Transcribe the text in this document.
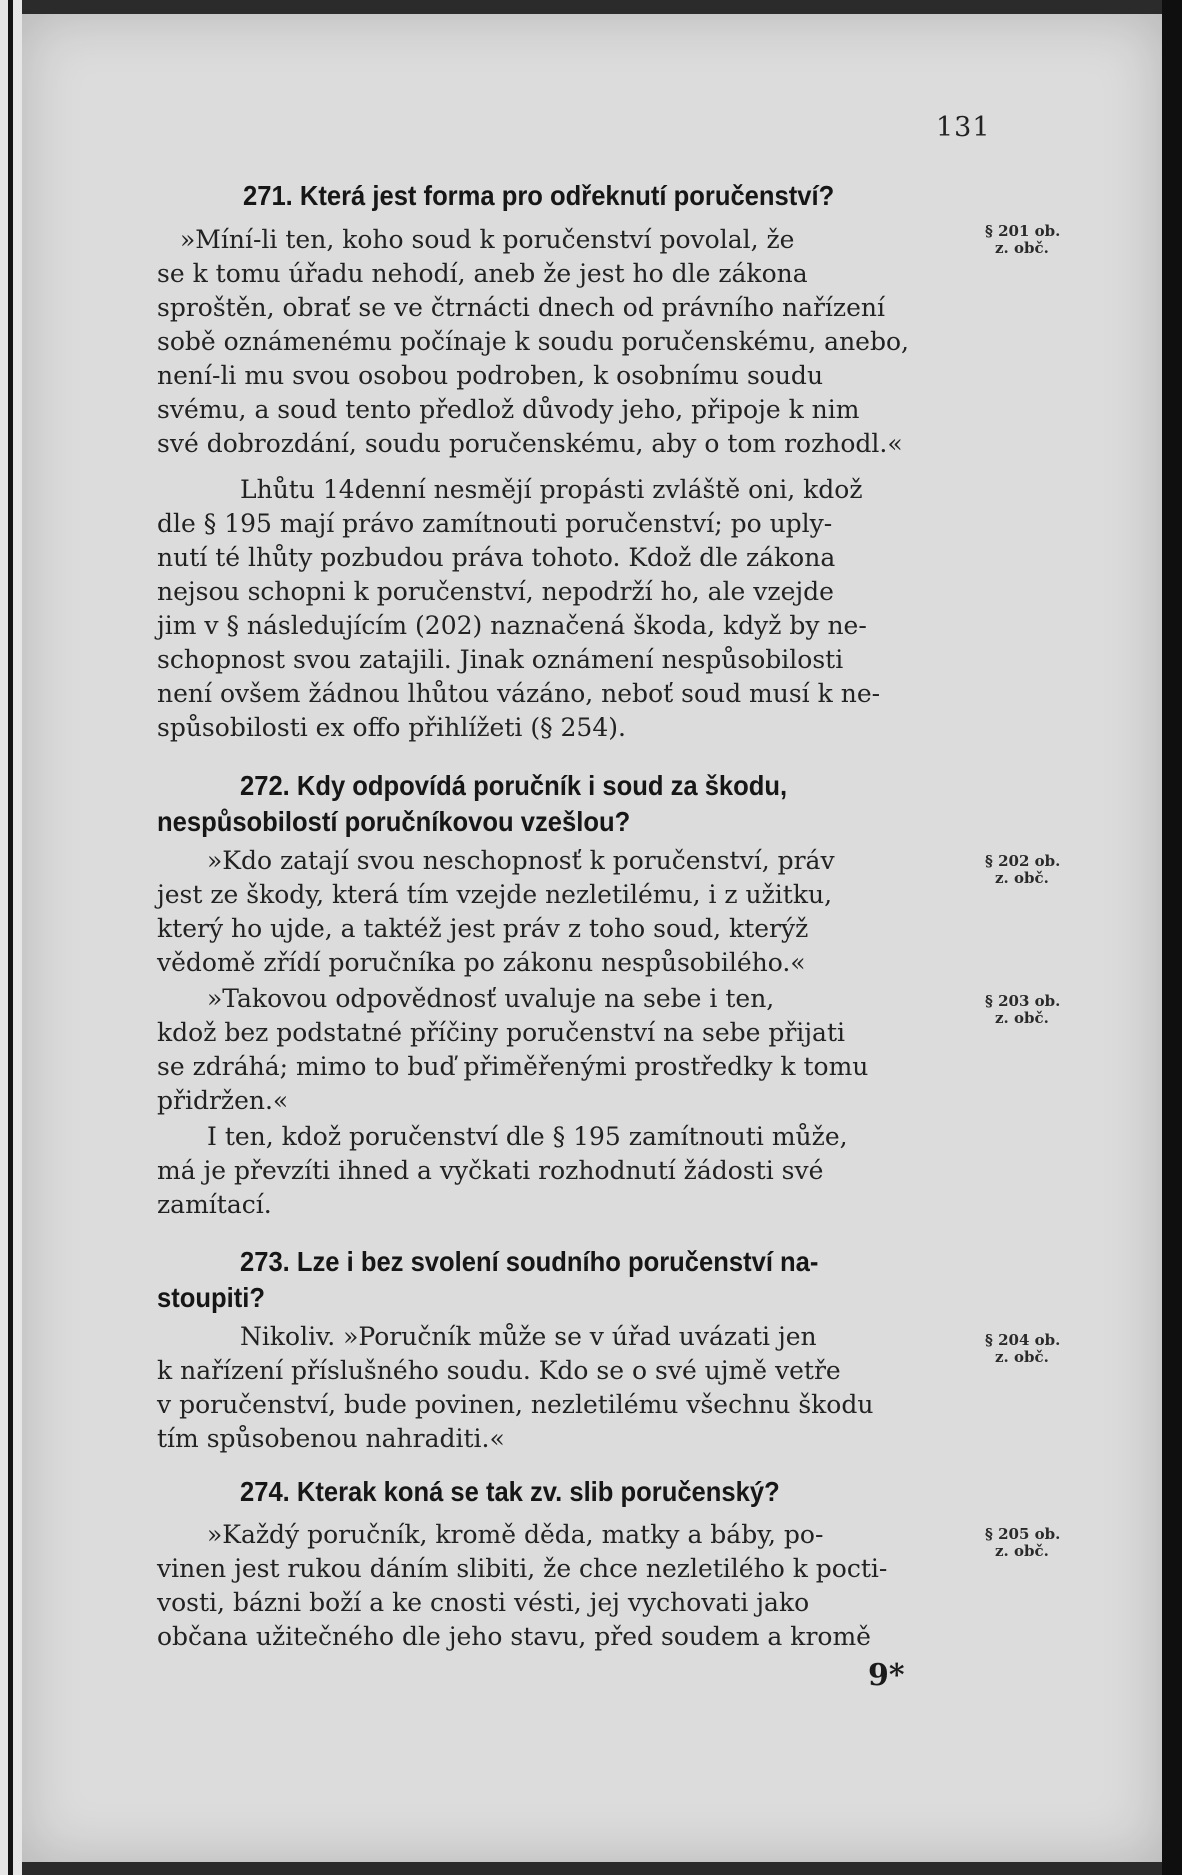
131
271. Která jest forma pro odřeknutí poručenství?
§ 201 ob.
z. obč.
»Míní-li ten, koho soud k poručenství povolal, že
se k tomu úřadu nehodí, aneb že jest ho dle zákona
sproštěn, obrať se ve čtrnácti dnech od právního nařízení
sobě oznámenému počínaje k soudu poručenskému, anebo,
není-li mu svou osobou podroben, k osobnímu soudu
svému, a soud tento předlož důvody jeho, připoje k nim
své dobrozdání, soudu poručenskému, aby o tom rozhodl.«
Lhůtu 14denní nesmějí propásti zvláště oni, kdož
dle § 195 mají právo zamítnouti poručenství; po uply-
nutí té lhůty pozbudou práva tohoto. Kdož dle zákona
nejsou schopni k poručenství, nepodrží ho, ale vzejde
jim v § následujícím (202) naznačená škoda, když by ne-
schopnost svou zatajili. Jinak oznámení nespůsobilosti
není ovšem žádnou lhůtou vázáno, neboť soud musí k ne-
spůsobilosti ex offo přihlížeti (§ 254).
272. Kdy odpovídá poručník i soud za škodu,
nespůsobilostí poručníkovou vzešlou?
§ 202 ob.
z. obč.
»Kdo zatají svou neschopnosť k poručenství, práv
jest ze škody, která tím vzejde nezletilému, i z užitku,
který ho ujde, a taktéž jest práv z toho soud, kterýž
vědomě zřídí poručníka po zákonu nespůsobilého.«
§ 203 ob.
z. obč.
»Takovou odpovědnosť uvaluje na sebe i ten,
kdož bez podstatné příčiny poručenství na sebe přijati
se zdráhá; mimo to buď přiměřenými prostředky k tomu
přidržen.«
I ten, kdož poručenství dle § 195 zamítnouti může,
má je převzíti ihned a vyčkati rozhodnutí žádosti své
zamítací.
273. Lze i bez svolení soudního poručenství na-
stoupiti?
§ 204 ob.
z. obč.
Nikoliv. »Poručník může se v úřad uvázati jen
k nařízení příslušného soudu. Kdo se o své ujmě vetře
v poručenství, bude povinen, nezletilému všechnu škodu
tím spůsobenou nahraditi.«
274. Kterak koná se tak zv. slib poručenský?
§ 205 ob.
z. obč.
»Každý poručník, kromě děda, matky a báby, po-
vinen jest rukou dáním slibiti, že chce nezletilého k pocti-
vosti, bázni boží a ke cnosti vésti, jej vychovati jako
občana užitečného dle jeho stavu, před soudem a kromě
9*
